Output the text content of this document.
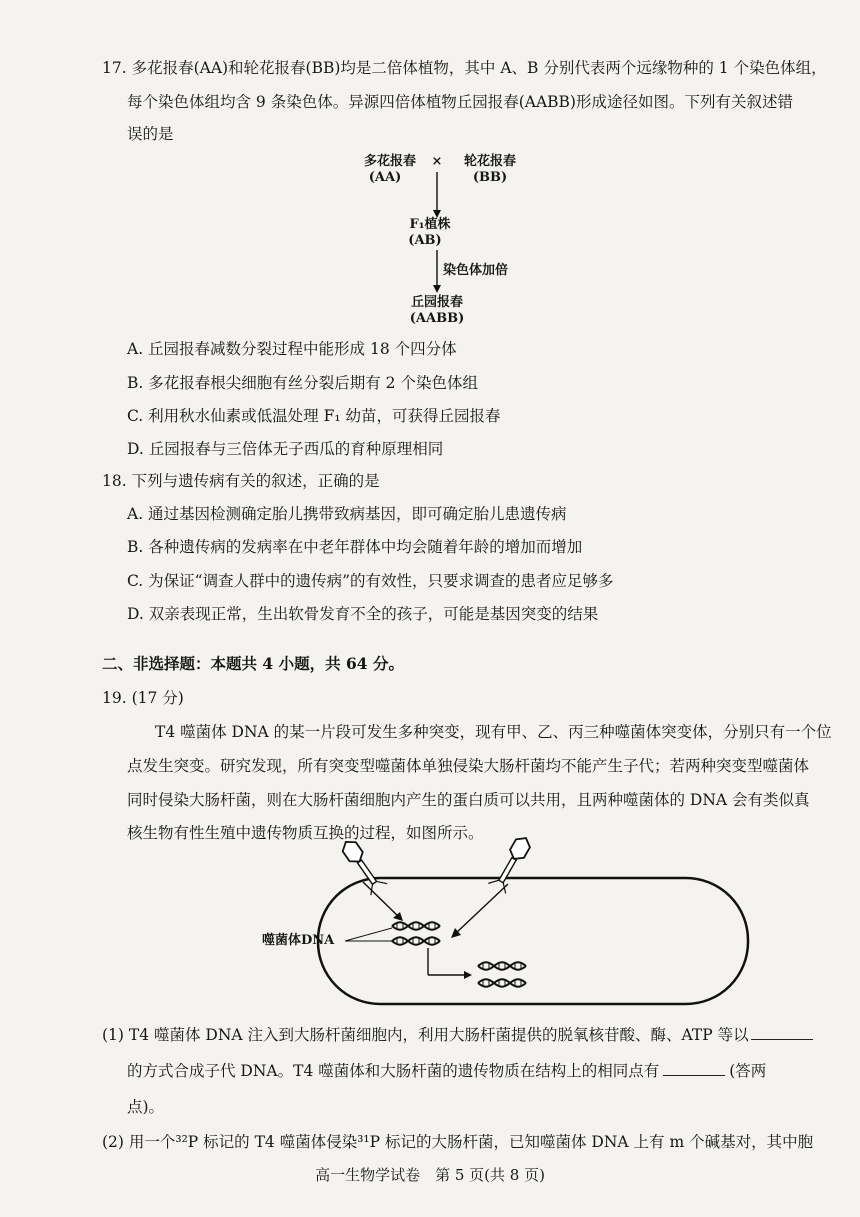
17. 多花报春(AA)和轮花报春(BB)均是二倍体植物，其中 A、B 分别代表两个远缘物种的 1 个染色体组，
每个染色体组均含 9 条染色体。异源四倍体植物丘园报春(AABB)形成途径如图。下列有关叙述错
误的是
多花报春
(AA)
×	轮花报春
(BB)
F₁植株
(AB)
染色体加倍
丘园报春
(AABB)
A. 丘园报春减数分裂过程中能形成 18 个四分体
B. 多花报春根尖细胞有丝分裂后期有 2 个染色体组
C. 利用秋水仙素或低温处理 F₁ 幼苗，可获得丘园报春
D. 丘园报春与三倍体无子西瓜的育种原理相同
18. 下列与遗传病有关的叙述，正确的是
A. 通过基因检测确定胎儿携带致病基因，即可确定胎儿患遗传病
B. 各种遗传病的发病率在中老年群体中均会随着年龄的增加而增加
C. 为保证“调查人群中的遗传病”的有效性，只要求调查的患者应足够多
D. 双亲表现正常，生出软骨发育不全的孩子，可能是基因突变的结果
二、非选择题：本题共 4 小题，共 64 分。
19. (17 分)
T4 噬菌体 DNA 的某一片段可发生多种突变，现有甲、乙、丙三种噬菌体突变体，分别只有一个位
点发生突变。研究发现，所有突变型噬菌体单独侵染大肠杆菌均不能产生子代；若两种突变型噬菌体
同时侵染大肠杆菌，则在大肠杆菌细胞内产生的蛋白质可以共用，且两种噬菌体的 DNA 会有类似真
核生物有性生殖中遗传物质互换的过程，如图所示。
噬菌体DNA
(1) T4 噬菌体 DNA 注入到大肠杆菌细胞内，利用大肠杆菌提供的脱氧核苷酸、酶、ATP 等以
的方式合成子代 DNA。T4 噬菌体和大肠杆菌的遗传物质在结构上的相同点有	(答两
点)。
(2) 用一个³²P 标记的 T4 噬菌体侵染³¹P 标记的大肠杆菌，已知噬菌体 DNA 上有 m 个碱基对，其中胞
高一生物学试卷　第 5 页(共 8 页)
